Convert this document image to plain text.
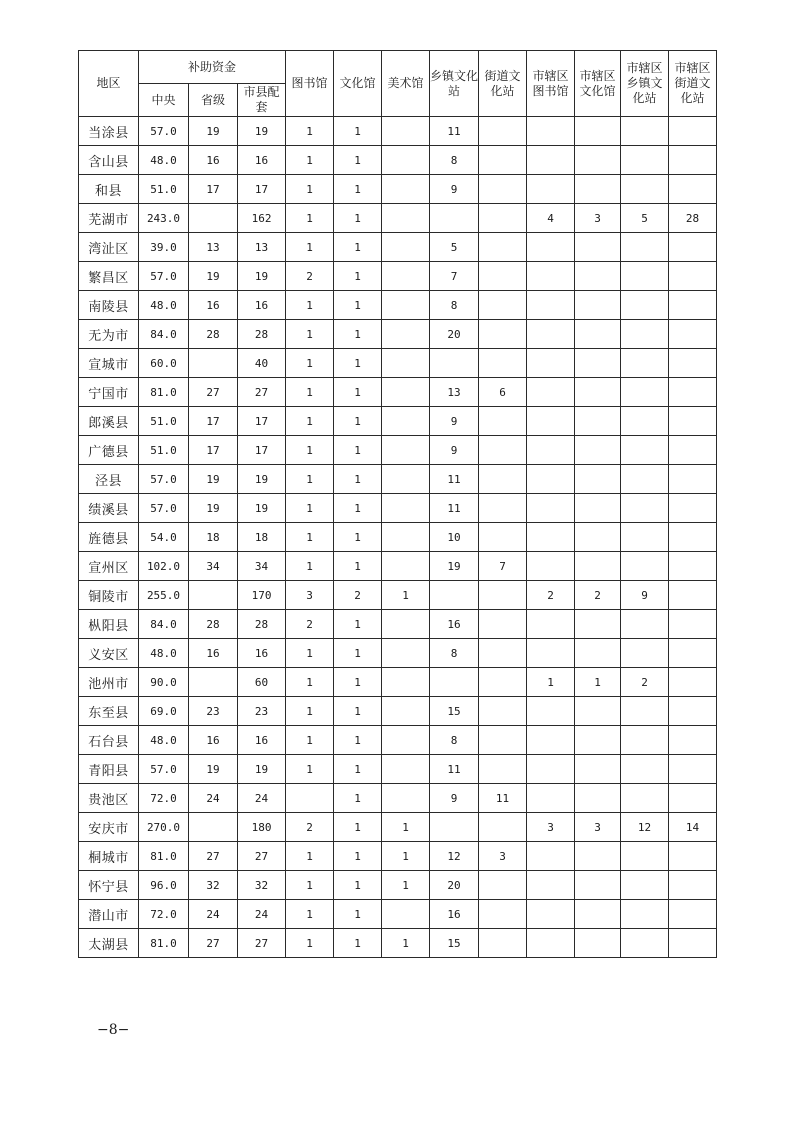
地区	补助资金			图书馆	文化馆	美术馆	乡镇文化站	街道文化站	市辖区图书馆	市辖区文化馆	市辖区乡镇文化站	市辖区街道文化站
	中央	省级	市县配套									
当涂县	57.0	19	19	1	1		11					
含山县	48.0	16	16	1	1		8					
和县	51.0	17	17	1	1		9					
芜湖市	243.0		162	1	1				4	3	5	28
湾沚区	39.0	13	13	1	1		5					
繁昌区	57.0	19	19	2	1		7					
南陵县	48.0	16	16	1	1		8					
无为市	84.0	28	28	1	1		20					
宣城市	60.0		40	1	1							
宁国市	81.0	27	27	1	1		13	6				
郎溪县	51.0	17	17	1	1		9					
广德县	51.0	17	17	1	1		9					
泾县	57.0	19	19	1	1		11					
绩溪县	57.0	19	19	1	1		11					
旌德县	54.0	18	18	1	1		10					
宣州区	102.0	34	34	1	1		19	7				
铜陵市	255.0		170	3	2	1			2	2	9	
枞阳县	84.0	28	28	2	1		16					
义安区	48.0	16	16	1	1		8					
池州市	90.0		60	1	1				1	1	2	
东至县	69.0	23	23	1	1		15					
石台县	48.0	16	16	1	1		8					
青阳县	57.0	19	19	1	1		11					
贵池区	72.0	24	24		1		9	11				
安庆市	270.0		180	2	1	1			3	3	12	14
桐城市	81.0	27	27	1	1	1	12	3				
怀宁县	96.0	32	32	1	1	1	20					
潜山市	72.0	24	24	1	1		16					
太湖县	81.0	27	27	1	1	1	15					
−8−
